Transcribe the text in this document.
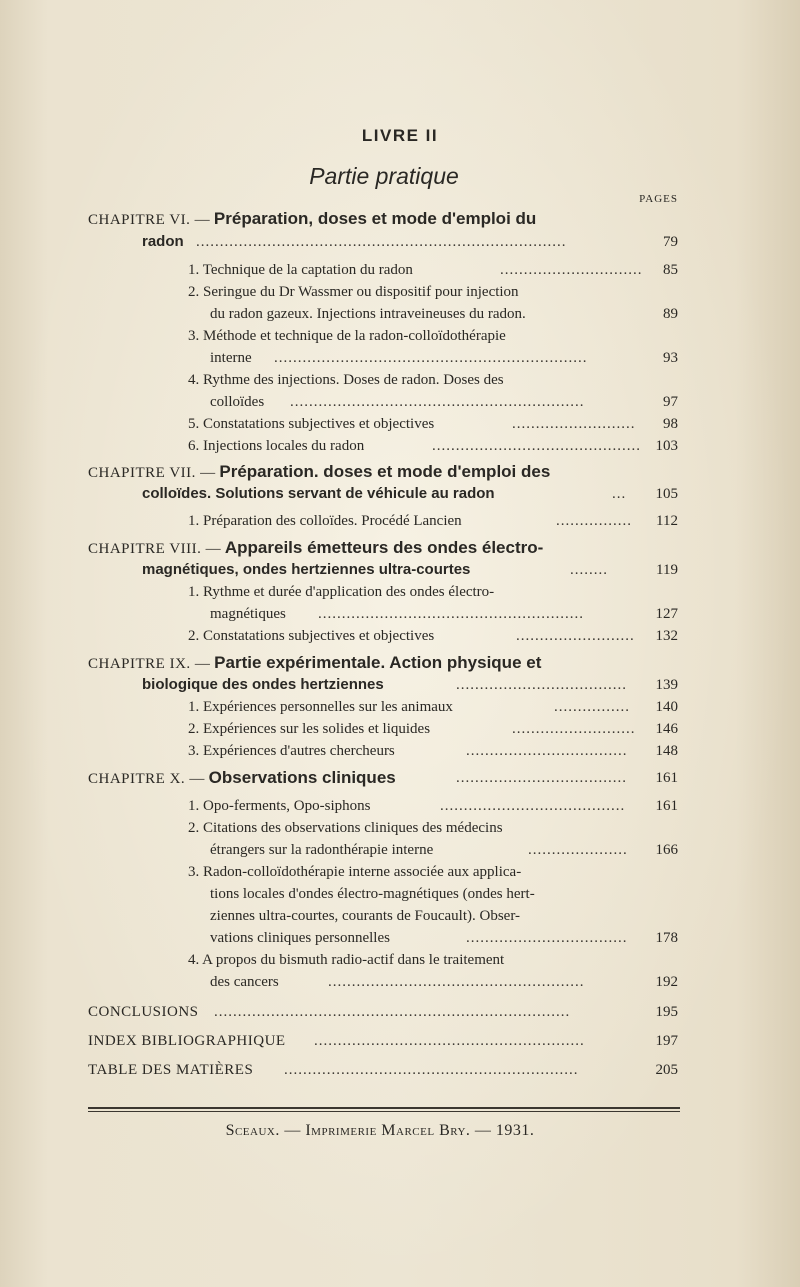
LIVRE II
Partie pratique
PAGES
CHAPITRE VI. — Préparation, doses et mode d'emploi du
radon ..............................................................................	79
1. Technique de la captation du radon	.............................. 85
2. Seringue du Dr Wassmer ou dispositif pour injection
du radon gazeux. Injections intraveineuses du radon.	89
3. Méthode et technique de la radon-colloïdothérapie
interne ..................................................................	93
4. Rythme des injections. Doses de radon. Doses des
colloïdes ..............................................................	97
5. Constatations subjectives et objectives	.......................... 98
6. Injections locales du radon	............................................ 103
CHAPITRE VII. — Préparation. doses et mode d'emploi des
colloïdes. Solutions servant de véhicule au radon	...	105
1. Préparation des colloïdes. Procédé Lancien	................ 112
CHAPITRE VIII. — Appareils émetteurs des ondes électro-
magnétiques, ondes hertziennes ultra-courtes	........	119
1. Rythme et durée d'application des ondes électro-
magnétiques ........................................................	127
2. Constatations subjectives et objectives	......................... 132
CHAPITRE IX. — Partie expérimentale. Action physique et
biologique des ondes hertziennes	.................................... 139
1. Expériences personnelles sur les animaux	................ 140
2. Expériences sur les solides et liquides	.......................... 146
3. Expériences d'autres chercheurs	.................................. 148
CHAPITRE X. — Observations cliniques	.................................... 161
1. Opo-ferments, Opo-siphons	....................................... 161
2. Citations des observations cliniques des médecins
étrangers sur la radonthérapie interne	..................... 166
3. Radon-colloïdothérapie interne associée aux applica-
tions locales d'ondes électro-magnétiques (ondes hert-
ziennes ultra-courtes, courants de Foucault). Obser-
vations cliniques personnelles	.................................. 178
4. A propos du bismuth radio-actif dans le traitement
des cancers	......................................................	192
CONCLUSIONS ...........................................................................	195
INDEX BIBLIOGRAPHIQUE .........................................................	197
TABLE DES MATIÈRES ..............................................................	205
Sceaux. — Imprimerie Marcel Bry. — 1931.
